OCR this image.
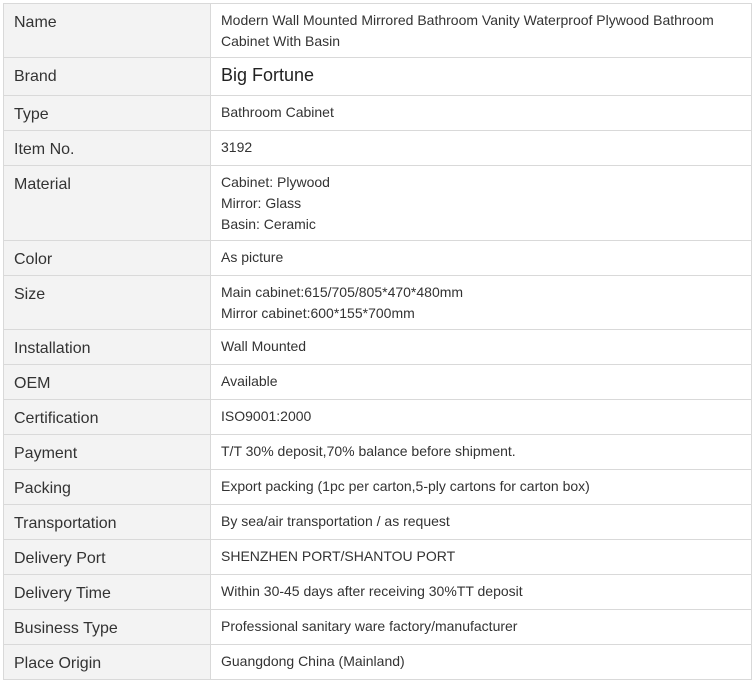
Name	Modern Wall Mounted Mirrored Bathroom Vanity Waterproof Plywood Bathroom Cabinet With Basin

Brand	Big Fortune

Type	Bathroom Cabinet

Item No.	3192

Material	Cabinet: Plywood
Mirror: Glass
Basin: Ceramic

Color	As picture

Size	Main cabinet:615/705/805*470*480mm
Mirror cabinet:600*155*700mm

Installation	Wall Mounted

OEM	Available

Certification	ISO9001:2000

Payment	T/T 30% deposit,70% balance before shipment.

Packing	Export packing (1pc per carton,5-ply cartons for carton box)

Transportation	By sea/air transportation / as request

Delivery Port	SHENZHEN PORT/SHANTOU PORT

Delivery Time	Within 30-45 days after receiving 30%TT deposit

Business Type	Professional sanitary ware factory/manufacturer

Place Origin	Guangdong China (Mainland)
